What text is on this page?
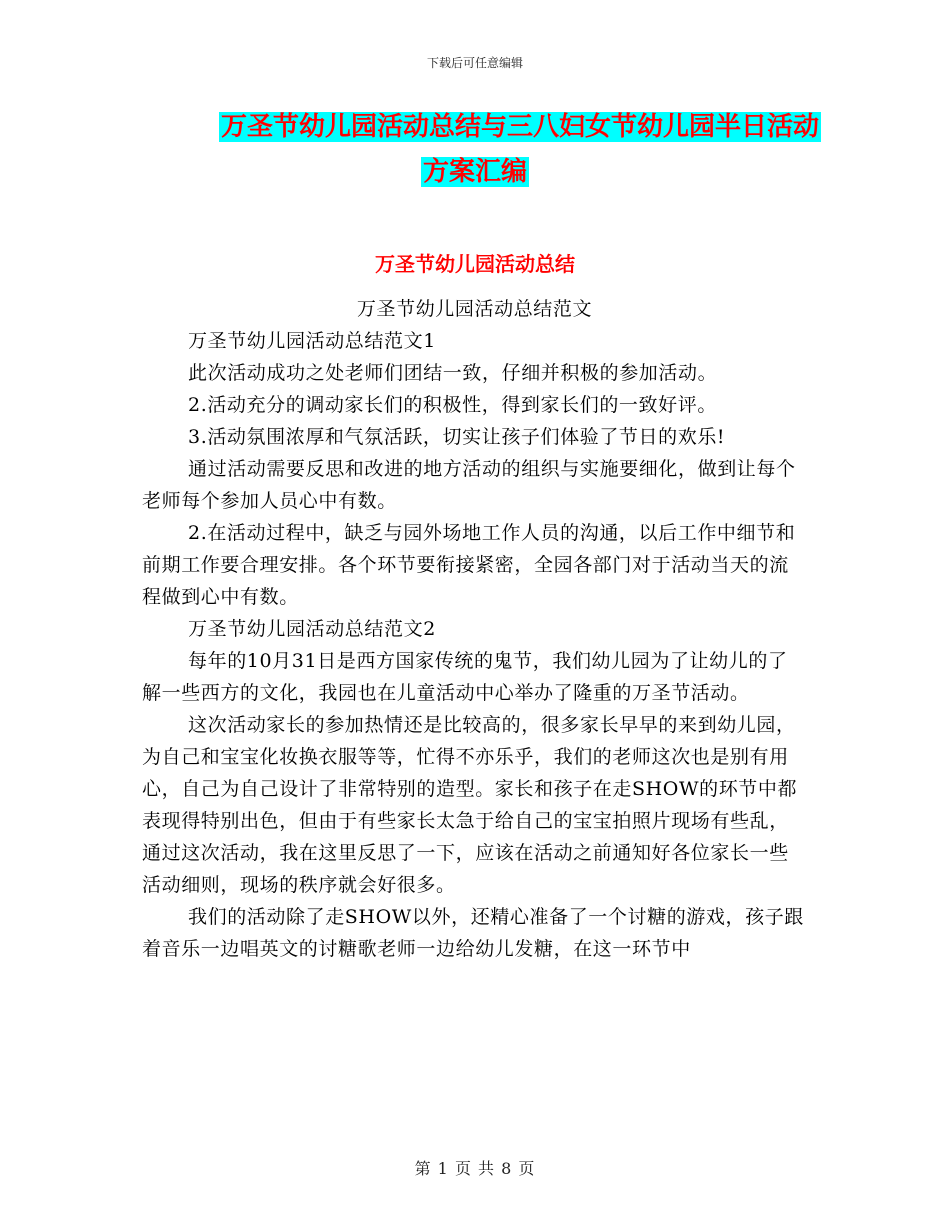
下载后可任意编辑
万圣节幼儿园活动总结与三八妇女节幼儿园半日活动
方案汇编
万圣节幼儿园活动总结

万圣节幼儿园活动总结范文

万圣节幼儿园活动总结范文1

此次活动成功之处老师们团结一致，仔细并积极的参加活动。

2.活动充分的调动家长们的积极性，得到家长们的一致好评。

3.活动氛围浓厚和气氛活跃，切实让孩子们体验了节日的欢乐!

通过活动需要反思和改进的地方活动的组织与实施要细化，做到让每个老师每个参加人员心中有数。

2.在活动过程中，缺乏与园外场地工作人员的沟通，以后工作中细节和前期工作要合理安排。各个环节要衔接紧密，全园各部门对于活动当天的流程做到心中有数。

万圣节幼儿园活动总结范文2

每年的10月31日是西方国家传统的鬼节，我们幼儿园为了让幼儿的了解一些西方的文化，我园也在儿童活动中心举办了隆重的万圣节活动。

这次活动家长的参加热情还是比较高的，很多家长早早的来到幼儿园，为自己和宝宝化妆换衣服等等，忙得不亦乐乎，我们的老师这次也是别有用心，自己为自己设计了非常特别的造型。家长和孩子在走SHOW的环节中都表现得特别出色，但由于有些家长太急于给自己的宝宝拍照片现场有些乱，通过这次活动，我在这里反思了一下，应该在活动之前通知好各位家长一些活动细则，现场的秩序就会好很多。

我们的活动除了走SHOW以外，还精心准备了一个讨糖的游戏，孩子跟着音乐一边唱英文的讨糖歌老师一边给幼儿发糖，在这一环节中

第 1 页 共 8 页
